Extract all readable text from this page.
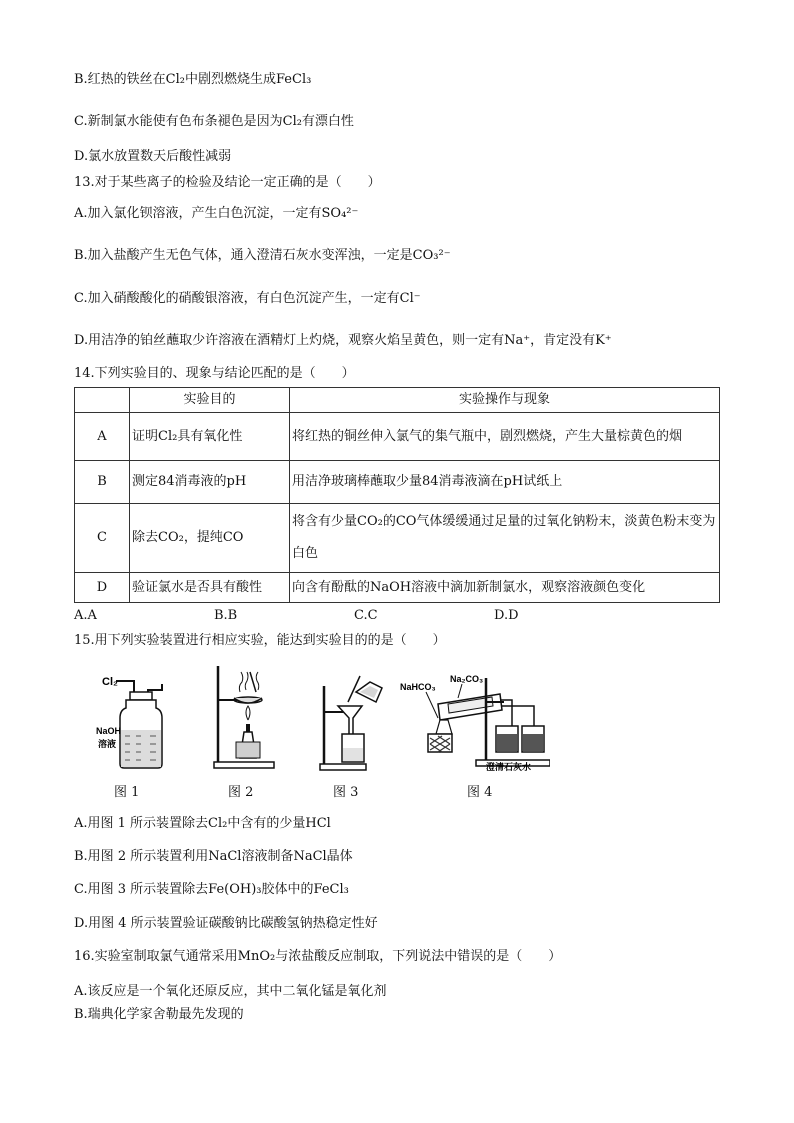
B.红热的铁丝在Cl₂中剧烈燃烧生成FeCl₃
C.新制氯水能使有色布条褪色是因为Cl₂有漂白性
D.氯水放置数天后酸性减弱
13.对于某些离子的检验及结论一定正确的是（　　）
A.加入氯化钡溶液，产生白色沉淀，一定有SO₄²⁻
B.加入盐酸产生无色气体，通入澄清石灰水变浑浊，一定是CO₃²⁻
C.加入硝酸酸化的硝酸银溶液，有白色沉淀产生，一定有Cl⁻
D.用洁净的铂丝蘸取少许溶液在酒精灯上灼烧，观察火焰呈黄色，则一定有Na⁺，肯定没有K⁺
14.下列实验目的、现象与结论匹配的是（　　）
	实验目的	实验操作与现象
A	证明Cl₂具有氧化性	将红热的铜丝伸入氯气的集气瓶中，剧烈燃烧，产生大量棕黄色的烟
B	测定84消毒液的pH	用洁净玻璃棒蘸取少量84消毒液滴在pH试纸上
C	除去CO₂，提纯CO	将含有少量CO₂的CO气体缓缓通过足量的过氧化钠粉末，淡黄色粉末变为白色
D	验证氯水是否具有酸性	向含有酚酞的NaOH溶液中滴加新制氯水，观察溶液颜色变化
A.A	B.B	C.C	D.D
15.用下列实验装置进行相应实验，能达到实验目的的是（　　）
Cl₂
NaOH
溶液
NaHCO₃
Na₂CO₃
澄清石灰水
图 1	图 2	图 3	图 4
A.用图 1 所示装置除去Cl₂中含有的少量HCl
B.用图 2 所示装置利用NaCl溶液制备NaCl晶体
C.用图 3 所示装置除去Fe(OH)₃胶体中的FeCl₃
D.用图 4 所示装置验证碳酸钠比碳酸氢钠热稳定性好
16.实验室制取氯气通常采用MnO₂与浓盐酸反应制取，下列说法中错误的是（　　）
A.该反应是一个氧化还原反应，其中二氧化锰是氧化剂
B.瑞典化学家舍勒最先发现的
